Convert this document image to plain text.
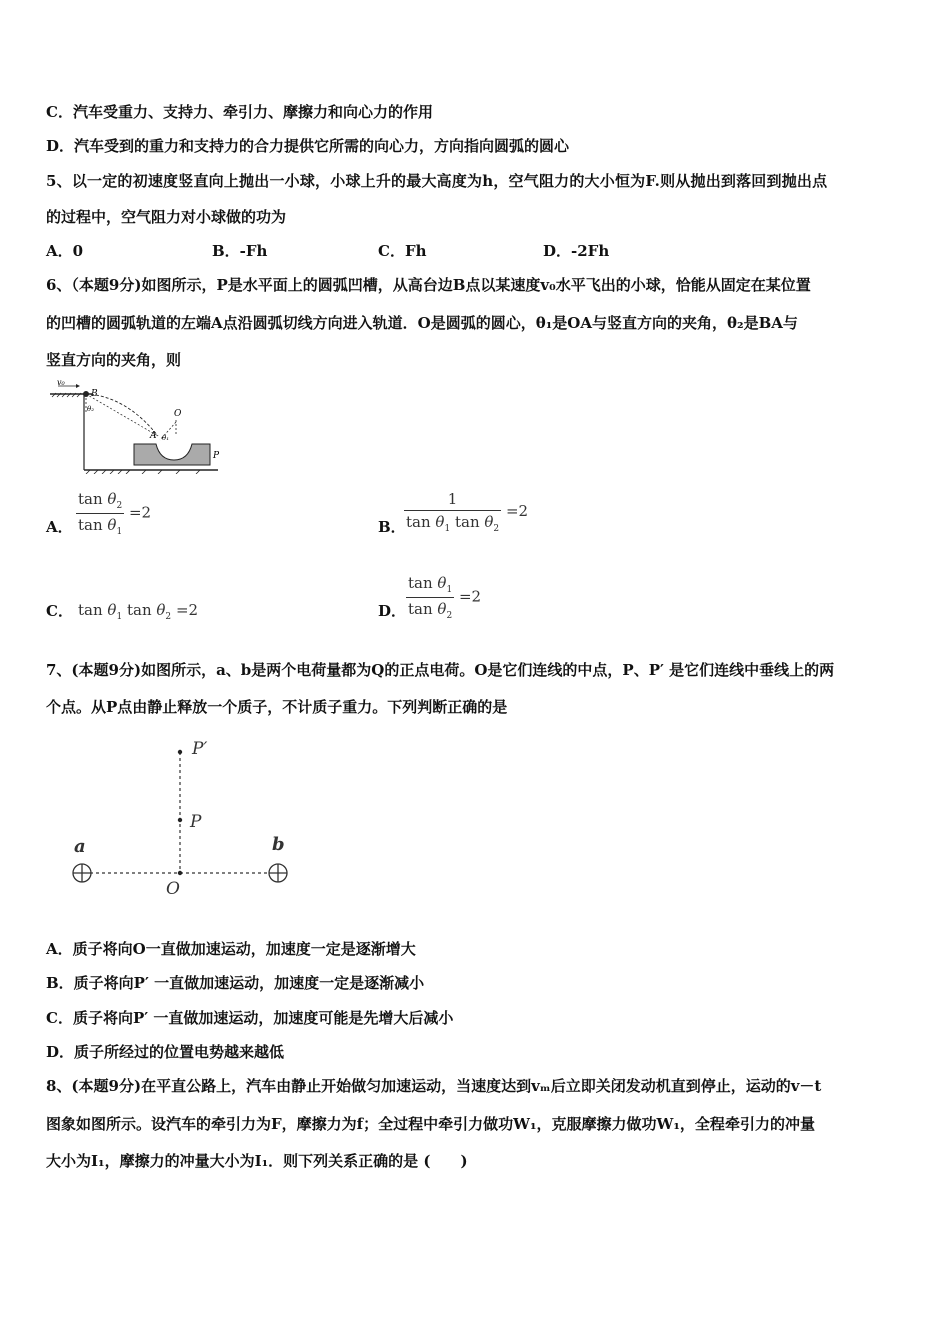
C．汽车受重力、支持力、牵引力、摩擦力和向心力的作用
D．汽车受到的重力和支持力的合力提供它所需的向心力，方向指向圆弧的圆心
5、以一定的初速度竖直向上抛出一小球，小球上升的最大高度为h，空气阻力的大小恒为F.则从抛出到落回到抛出点
的过程中，空气阻力对小球做的功为
A．0	B．-Fh	C．Fh	D．-2Fh
6、（本题9分)如图所示，P是水平面上的圆弧凹槽，从高台边B点以某速度v₀水平飞出的小球，恰能从固定在某位置
的凹槽的圆弧轨道的左端A点沿圆弧切线方向进入轨道．O是圆弧的圆心，θ₁是OA与竖直方向的夹角，θ₂是BA与
竖直方向的夹角，则
v₀
B
θ₂	O
A θ₁
P
A． $\frac{\tan \theta_2}{\tan \theta_1} =2$
B．
$\frac{1}{\tan \theta_1 \tan \theta_2} =2$
C． $\tan \theta_1$ $\tan \theta_2 =2$	D． $\frac{\tan \theta_1}{\tan \theta_2} =2$
7、(本题9分)如图所示，a、b是两个电荷量都为Q的正点电荷。O是它们连线的中点，P、P′ 是它们连线中垂线上的两
个点。从P点由静止释放一个质子，不计质子重力。下列判断正确的是
P′
P
a	b
O
A．质子将向O一直做加速运动，加速度一定是逐渐增大
B．质子将向P′ 一直做加速运动，加速度一定是逐渐减小
C．质子将向P′ 一直做加速运动，加速度可能是先增大后减小
D．质子所经过的位置电势越来越低
8、(本题9分)在平直公路上，汽车由静止开始做匀加速运动，当速度达到vₘ后立即关闭发动机直到停止，运动的v－t
图象如图所示。设汽车的牵引力为F，摩擦力为f；全过程中牵引力做功W₁，克服摩擦力做功W₁，全程牵引力的冲量
大小为I₁，摩擦力的冲量大小为I₁．则下列关系正确的是 (　　)
